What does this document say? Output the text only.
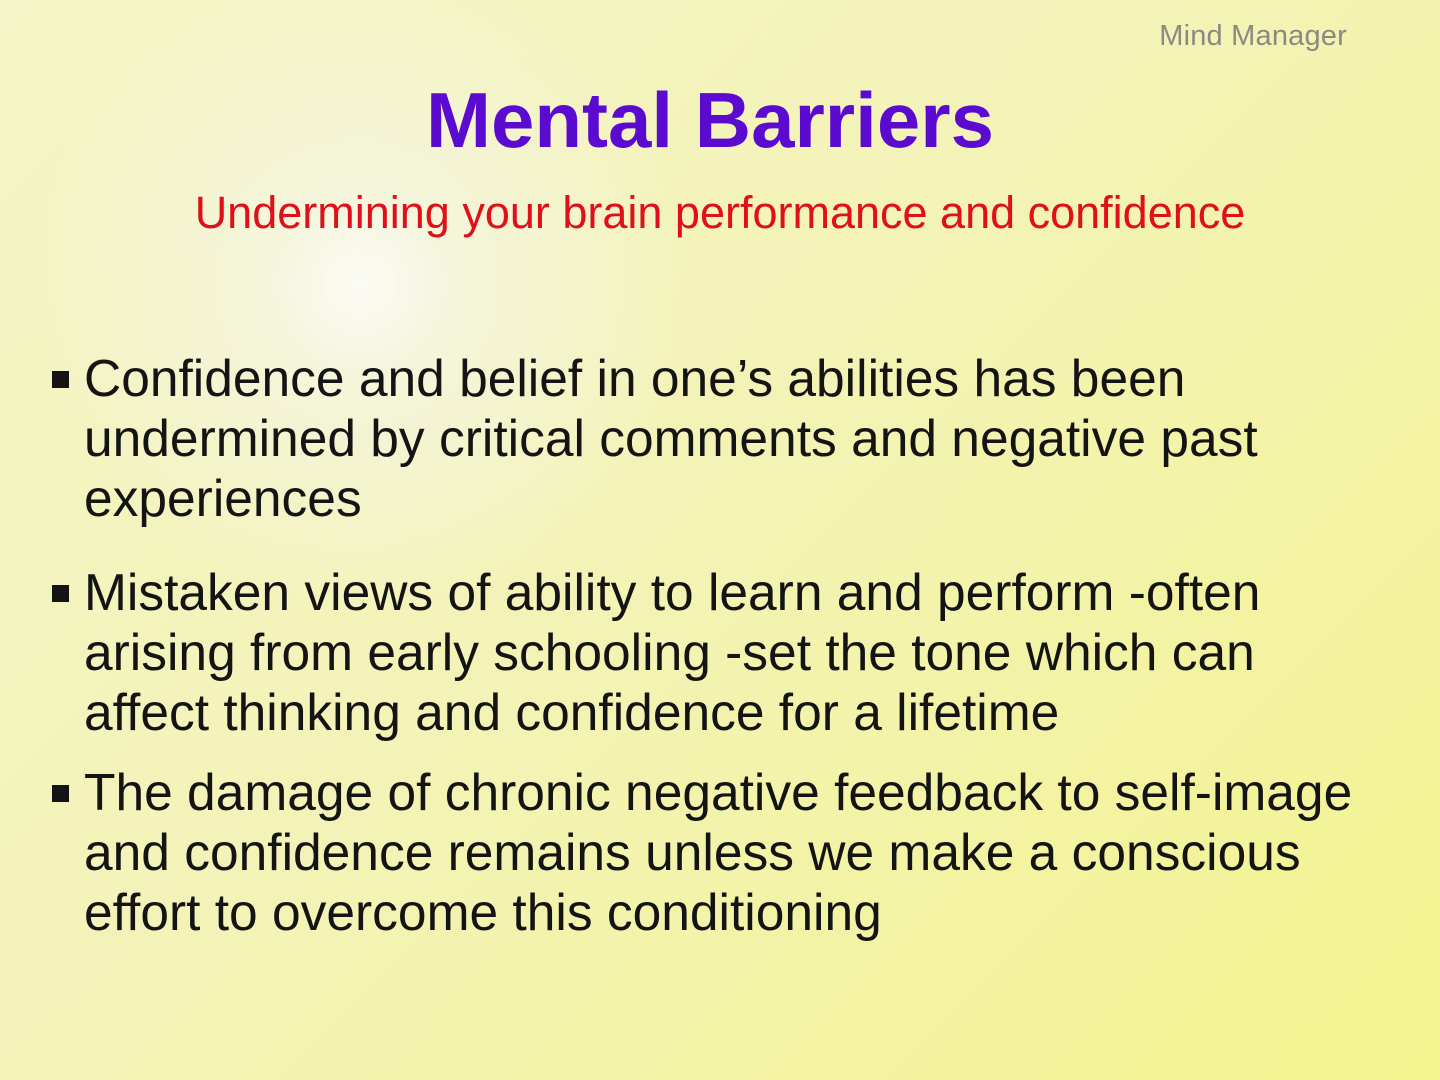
Mind Manager
Mental Barriers
Undermining your brain performance and confidence
Confidence and belief in one’s abilities has been undermined by critical comments and negative past experiences
Mistaken views of ability to learn and perform -often arising from early schooling -set the tone which can affect thinking and confidence for a lifetime
The damage of chronic negative feedback to self-image and confidence remains unless we make a conscious effort to overcome this conditioning
